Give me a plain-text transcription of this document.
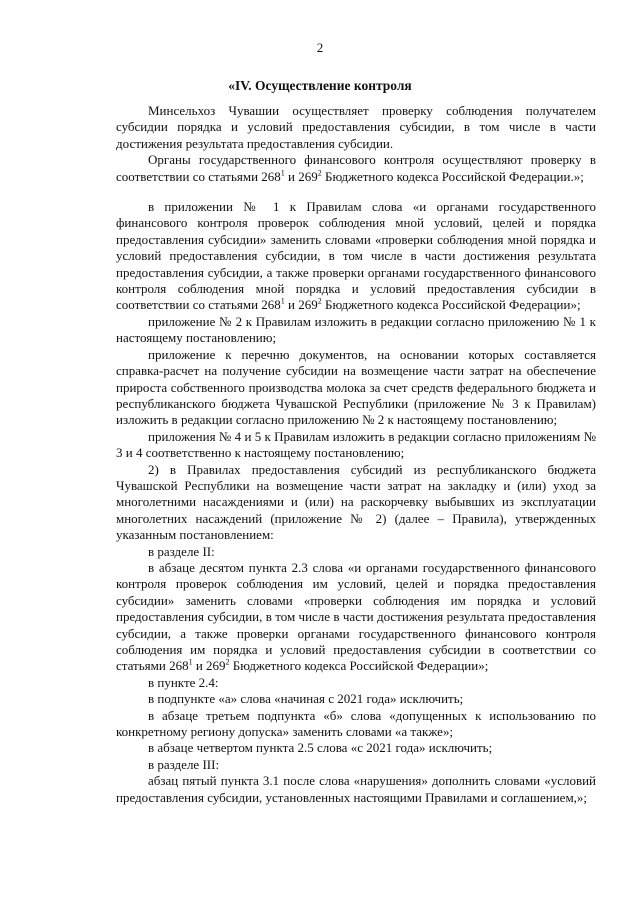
2
«IV. Осуществление контроля

Минсельхоз Чувашии осуществляет проверку соблюдения получателем субсидии порядка и условий предоставления субсидии, в том числе в части достижения результата предоставления субсидии.

Органы государственного финансового контроля осуществляют проверку в соответствии со статьями $268^1$ и $269^2$ Бюджетного кодекса Российской Федерации.»;

в приложении № 1 к Правилам слова «и органами государственного финансового контроля проверок соблюдения мной условий, целей и порядка предоставления субсидии» заменить словами «проверки соблюдения мной порядка и условий предоставления субсидии, в том числе в части достижения результата предоставления субсидии, а также проверки органами государственного финансового контроля соблюдения мной порядка и условий предоставления субсидии в соответствии со статьями $268^1$ и $269^2$ Бюджетного кодекса Российской Федерации»;

приложение № 2 к Правилам изложить в редакции согласно приложению № 1 к настоящему постановлению;

приложение к перечню документов, на основании которых составляется справка-расчет на получение субсидии на возмещение части затрат на обеспечение прироста собственного производства молока за счет средств федерального бюджета и республиканского бюджета Чувашской Республики (приложение № 3 к Правилам) изложить в редакции согласно приложению № 2 к настоящему постановлению;

приложения № 4 и 5 к Правилам изложить в редакции согласно приложениям № 3 и 4 соответственно к настоящему постановлению;

2) в Правилах предоставления субсидий из республиканского бюджета Чувашской Республики на возмещение части затрат на закладку и (или) уход за многолетними насаждениями и (или) на раскорчевку выбывших из эксплуатации многолетних насаждений (приложение № 2) (далее – Правила), утвержденных указанным постановлением:

в разделе II:

в абзаце десятом пункта 2.3 слова «и органами государственного финансового контроля проверок соблюдения им условий, целей и порядка предоставления субсидии» заменить словами «проверки соблюдения им порядка и условий предоставления субсидии, в том числе в части достижения результата предоставления субсидии, а также проверки органами государственного финансового контроля соблюдения им порядка и условий предоставления субсидии в соответствии со статьями $268^1$ и $269^2$ Бюджетного кодекса Российской Федерации»;

в пункте 2.4:

в подпункте «а» слова «начиная с 2021 года» исключить;

в абзаце третьем подпункта «б» слова «допущенных к использованию по конкретному региону допуска» заменить словами «а также»;

в абзаце четвертом пункта 2.5 слова «с 2021 года» исключить;

в разделе III:

абзац пятый пункта 3.1 после слова «нарушения» дополнить словами «условий предоставления субсидии, установленных настоящими Правилами и соглашением,»;
